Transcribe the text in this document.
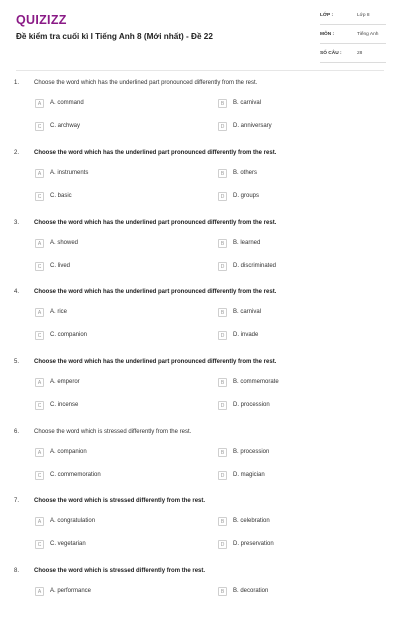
QUIZIZZ
Đề kiểm tra cuối kì I Tiếng Anh 8 (Mới nhất) - Đề 22
LỚP :	Lớp 8
MÔN :	Tiếng Anh
SỐ CÂU :	28
1. Choose the word which has the underlined part pronounced differently from the rest.
A	A. command	B	B. carnival
C	C. archway	D	D. anniversary
2. Choose the word which has the underlined part pronounced differently from the rest.
A	A. instruments	B	B. others
C	C. basic	D	D. groups
3. Choose the word which has the underlined part pronounced differently from the rest.
A	A. showed	B	B. learned
C	C. lived	D	D. discriminated
4. Choose the word which has the underlined part pronounced differently from the rest.
A	A. rice	B	B. carnival
C	C. companion	D	D. invade
5. Choose the word which has the underlined part pronounced differently from the rest.
A	A. emperor	B	B. commemorate
C	C. incense	D	D. procession
6. Choose the word which is stressed differently from the rest.
A	A. companion	B	B. procession
C	C. commemoration	D	D. magician
7. Choose the word which is stressed differently from the rest.
A	A. congratulation	B	B. celebration
C	C. vegetarian	D	D. preservation
8. Choose the word which is stressed differently from the rest.
A	A. performance	B	B. decoration
